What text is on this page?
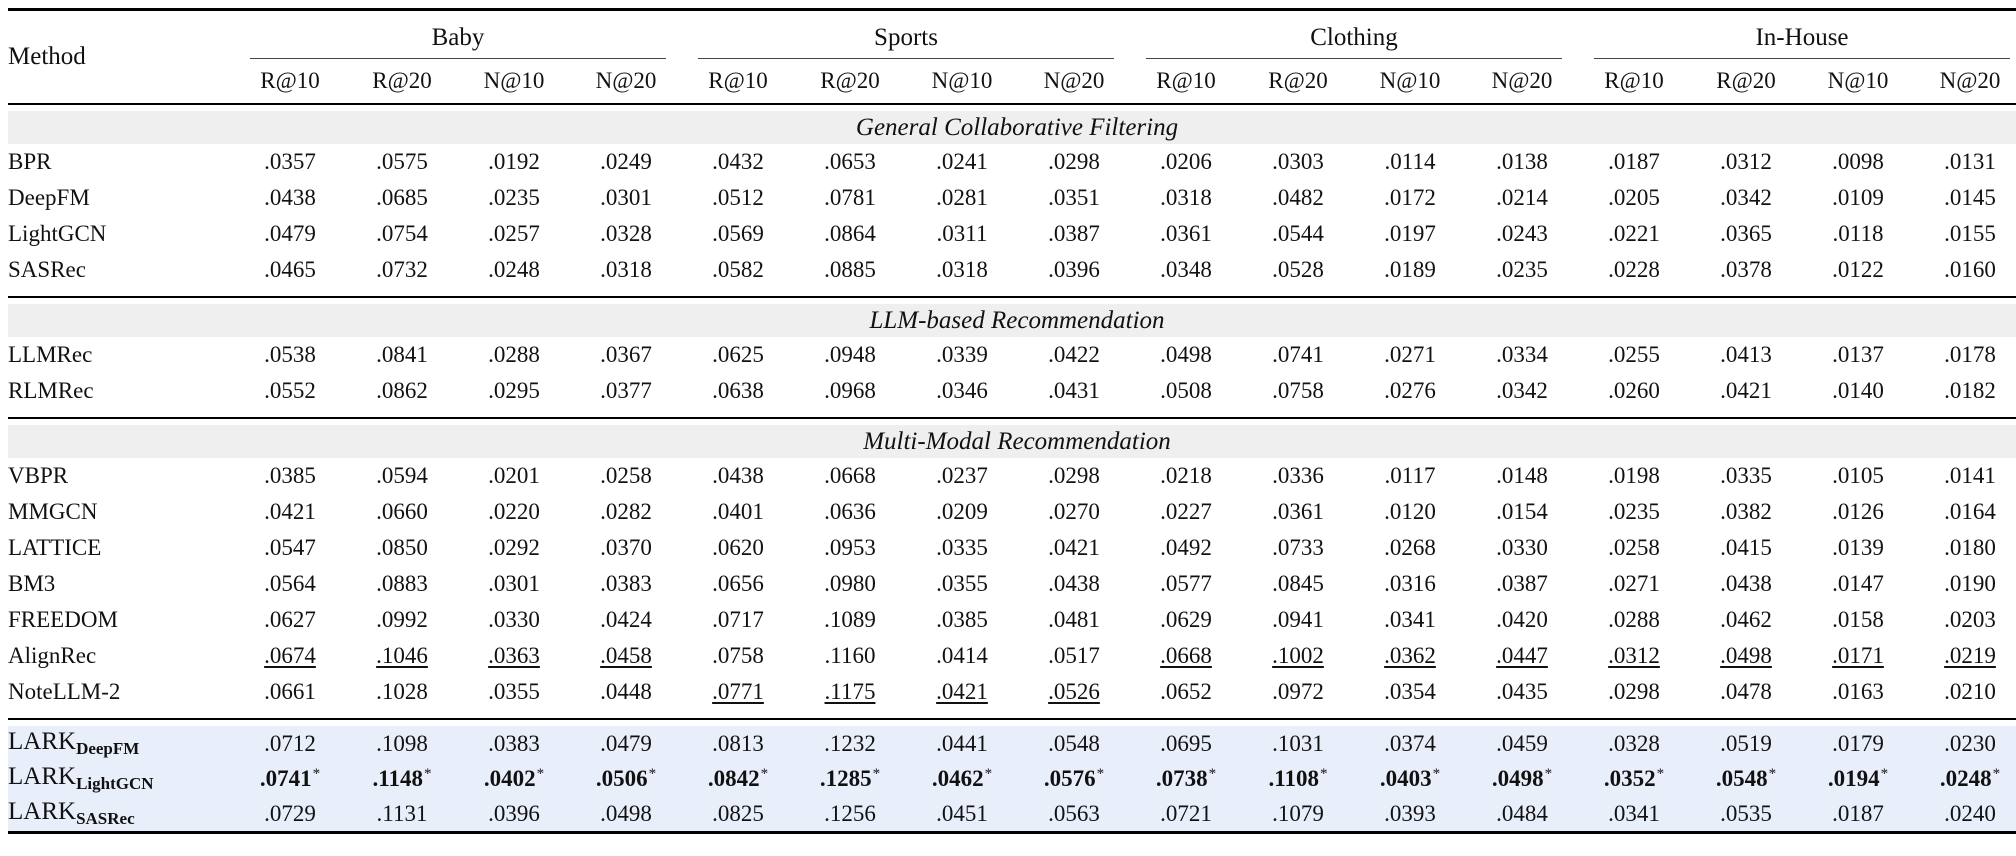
Method	Baby				Sports				Clothing				In-House			

	R@10	R@20	N@10	N@20	R@10	R@20	N@10	N@20	R@10	R@20	N@10	N@20	R@10	R@20	N@10	N@20

General Collaborative Filtering																
BPR	.0357	.0575	.0192	.0249	.0432	.0653	.0241	.0298	.0206	.0303	.0114	.0138	.0187	.0312	.0098	.0131
DeepFM	.0438	.0685	.0235	.0301	.0512	.0781	.0281	.0351	.0318	.0482	.0172	.0214	.0205	.0342	.0109	.0145
LightGCN	.0479	.0754	.0257	.0328	.0569	.0864	.0311	.0387	.0361	.0544	.0197	.0243	.0221	.0365	.0118	.0155
SASRec	.0465	.0732	.0248	.0318	.0582	.0885	.0318	.0396	.0348	.0528	.0189	.0235	.0228	.0378	.0122	.0160

LLM-based Recommendation																
LLMRec	.0538	.0841	.0288	.0367	.0625	.0948	.0339	.0422	.0498	.0741	.0271	.0334	.0255	.0413	.0137	.0178
RLMRec	.0552	.0862	.0295	.0377	.0638	.0968	.0346	.0431	.0508	.0758	.0276	.0342	.0260	.0421	.0140	.0182

Multi-Modal Recommendation																
VBPR	.0385	.0594	.0201	.0258	.0438	.0668	.0237	.0298	.0218	.0336	.0117	.0148	.0198	.0335	.0105	.0141
MMGCN	.0421	.0660	.0220	.0282	.0401	.0636	.0209	.0270	.0227	.0361	.0120	.0154	.0235	.0382	.0126	.0164
LATTICE	.0547	.0850	.0292	.0370	.0620	.0953	.0335	.0421	.0492	.0733	.0268	.0330	.0258	.0415	.0139	.0180
BM3	.0564	.0883	.0301	.0383	.0656	.0980	.0355	.0438	.0577	.0845	.0316	.0387	.0271	.0438	.0147	.0190
FREEDOM	.0627	.0992	.0330	.0424	.0717	.1089	.0385	.0481	.0629	.0941	.0341	.0420	.0288	.0462	.0158	.0203
AlignRec	.0674	.1046	.0363	.0458	.0758	.1160	.0414	.0517	.0668	.1002	.0362	.0447	.0312	.0498	.0171	.0219
NoteLLM-2	.0661	.1028	.0355	.0448	.0771	.1175	.0421	.0526	.0652	.0972	.0354	.0435	.0298	.0478	.0163	.0210

$LARK_{DeepFM}$	.0712	.1098	.0383	.0479	.0813	.1232	.0441	.0548	.0695	.1031	.0374	.0459	.0328	.0519	.0179	.0230
$LARK_{LightGCN}$	.0741*	.1148*	.0402*	.0506*	.0842*	.1285*	.0462*	.0576*	.0738*	.1108*	.0403*	.0498*	.0352*	.0548*	.0194*	.0248*
$LARK_{SASRec}$	.0729	.1131	.0396	.0498	.0825	.1256	.0451	.0563	.0721	.1079	.0393	.0484	.0341	.0535	.0187	.0240
